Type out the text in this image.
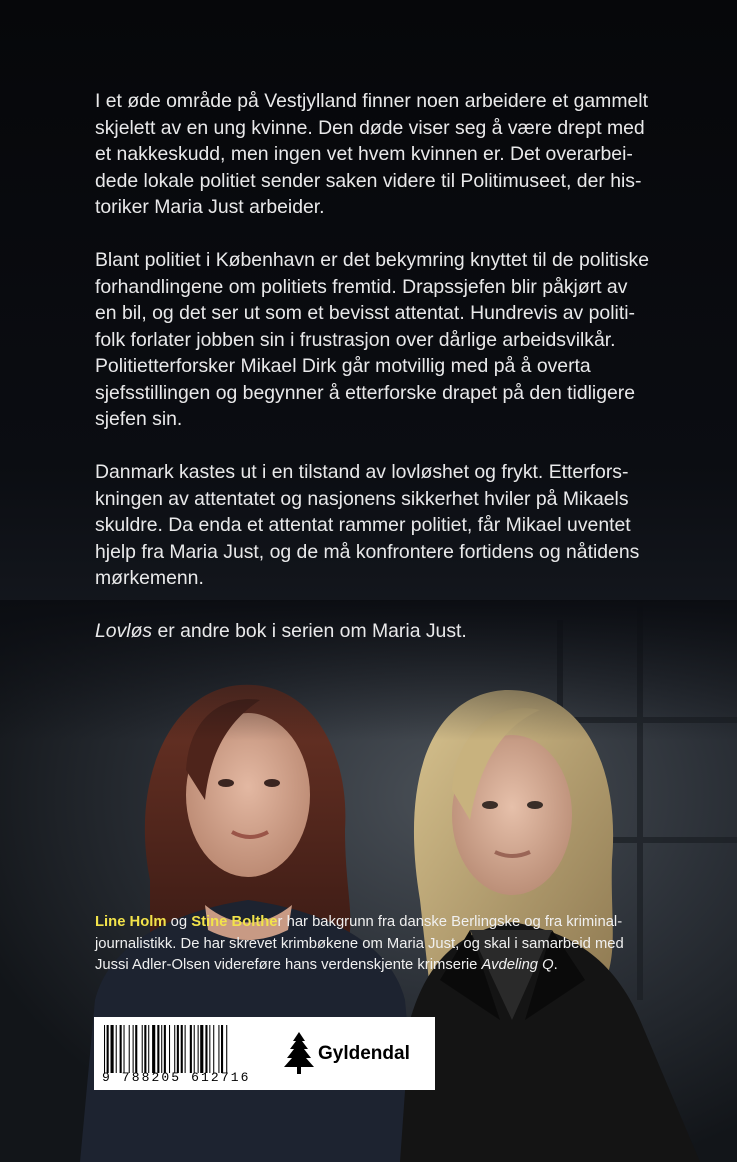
I et øde område på Vestjylland finner noen arbeidere et gammelt
skjelett av en ung kvinne. Den døde viser seg å være drept med
et nakkeskudd, men ingen vet hvem kvinnen er. Det overarbei-
dede lokale politiet sender saken videre til Politimuseet, der his-
toriker Maria Just arbeider.

Blant politiet i København er det bekymring knyttet til de politiske
forhandlingene om politiets fremtid. Drapssjefen blir påkjørt av
en bil, og det ser ut som et bevisst attentat. Hundrevis av politi-
folk forlater jobben sin i frustrasjon over dårlige arbeidsvilkår.
Politietterforsker Mikael Dirk går motvillig med på å overta
sjefsstillingen og begynner å etterforske drapet på den tidligere
sjefen sin.

Danmark kastes ut i en tilstand av lovløshet og frykt. Etterfors-
kningen av attentatet og nasjonens sikkerhet hviler på Mikaels
skuldre. Da enda et attentat rammer politiet, får Mikael uventet
hjelp fra Maria Just, og de må konfrontere fortidens og nåtidens
mørkemenn.

Lovløs er andre bok i serien om Maria Just.

Line Holm og Stine Bolther har bakgrunn fra danske Berlingske og fra kriminal-
journalistikk. De har skrevet krimbøkene om Maria Just, og skal i samarbeid med
Jussi Adler-Olsen videreføre hans verdenskjente krimserie Avdeling Q.
9 788205 612716
Gyldendal
